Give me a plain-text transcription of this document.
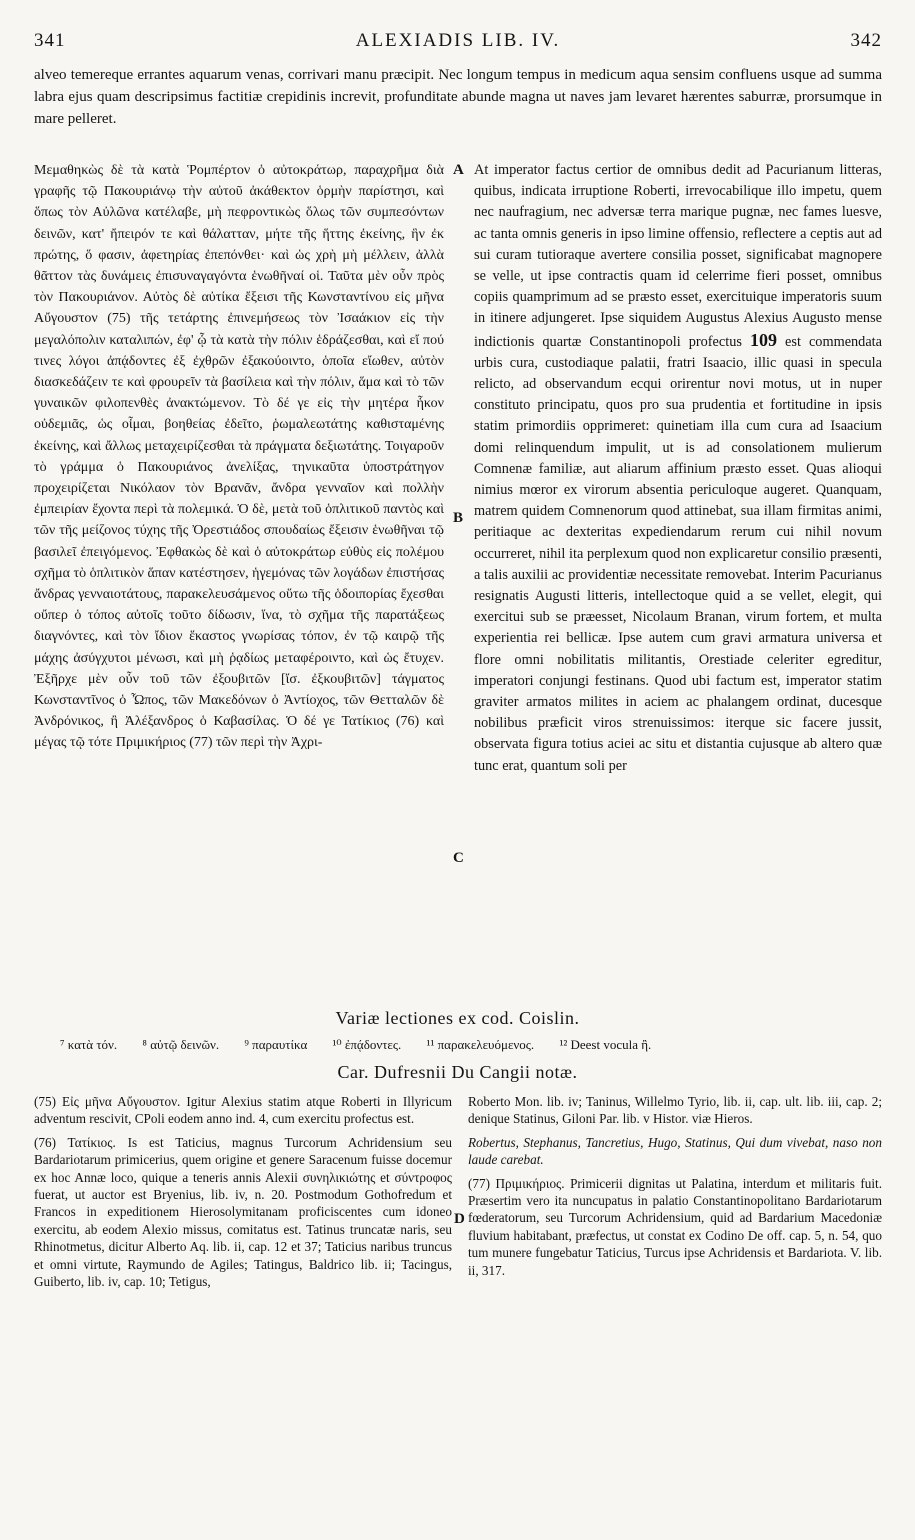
341	ALEXIADIS LIB. IV.	342
alveo temereque errantes aquarum venas, corrivari manu præcipit. Nec longum tempus in medicum aqua sensim confluens usque ad summa labra ejus quam descripsimus factitiæ crepidinis increvit, profunditate abunde magna ut naves jam levaret hærentes saburræ, prorsumque in mare pelleret.
Μεμαθηκὼς δὲ τὰ κατὰ Ῥομπέρτον ὁ αὐτοκράτωρ, παραχρῆμα διὰ γραφῆς τῷ Πακουριάνῳ τὴν αὐτοῦ ἀκάθεκτον ὁρμὴν παρίστησι, καὶ ὅπως τὸν Αὐλῶνα κατέλαβε, μὴ πεφροντικὼς ὅλως τῶν συμπεσόντων δεινῶν, κατ' ἤπειρόν τε καὶ θάλατταν, μήτε τῆς ἥττης ἐκείνης, ἣν ἐκ πρώτης, ὅ φασιν, ἀφετηρίας ἐπεπόνθει· καὶ ὡς χρὴ μὴ μέλλειν, ἀλλὰ θᾶττον τὰς δυνάμεις ἐπισυναγαγόντα ἑνωθῆναί οἱ. Ταῦτα μὲν οὖν πρὸς τὸν Πακουριάνον. Αὐτὸς δὲ αὐτίκα ἔξεισι τῆς Κωνσταντίνου εἰς μῆνα Αὔγουστον (75) τῆς τετάρτης ἐπινεμήσεως τὸν Ἰσαάκιον εἰς τὴν μεγαλόπολιν καταλιπών, ἐφ' ᾧ τὰ κατὰ τὴν πόλιν ἑδράζεσθαι, καὶ εἴ πού τινες λόγοι ἀπᾴδοντες ἐξ ἐχθρῶν ἐξακούοιντο, ὁποῖα εἴωθεν, αὐτὸν διασκεδάζειν τε καὶ φρουρεῖν τὰ βασίλεια καὶ τὴν πόλιν, ἅμα καὶ τὸ τῶν γυναικῶν φιλοπενθὲς ἀνακτώμενον. Τὸ δέ γε εἰς τὴν μητέρα ἧκον οὐδεμιᾶς, ὡς οἶμαι, βοηθείας ἐδεῖτο, ῥωμαλεωτάτης καθισταμένης ἐκείνης, καὶ ἄλλως μεταχειρίζεσθαι τὰ πράγματα δεξιωτάτης. Τοιγαροῦν τὸ γράμμα ὁ Πακουριάνος ἀνελίξας, τηνικαῦτα ὑποστράτηγον προχειρίζεται Νικόλαον τὸν Βρανᾶν, ἄνδρα γενναῖον καὶ πολλὴν ἐμπειρίαν ἔχοντα περὶ τὰ πολεμικά. Ὁ δὲ, μετὰ τοῦ ὁπλιτικοῦ παντὸς καὶ τῶν τῆς μείζονος τύχης τῆς Ὀρεστιάδος σπουδαίως ἔξεισιν ἑνωθῆναι τῷ βασιλεῖ ἐπειγόμενος. Ἐφθακὼς δὲ καὶ ὁ αὐτοκράτωρ εὐθὺς εἰς πολέμου σχῆμα τὸ ὁπλιτικὸν ἅπαν κατέστησεν, ἡγεμόνας τῶν λογάδων ἐπιστήσας ἄνδρας γενναιοτάτους, παρακελευσάμενος οὕτω τῆς ὁδοιπορίας ἔχεσθαι οὔπερ ὁ τόπος αὐτοῖς τοῦτο δίδωσιν, ἵνα, τὸ σχῆμα τῆς παρατάξεως διαγνόντες, καὶ τὸν ἴδιον ἕκαστος γνωρίσας τόπον, ἐν τῷ καιρῷ τῆς μάχης ἀσύγχυτοι μένωσι, καὶ μὴ ῥᾳδίως μεταφέροιντο, καὶ ὡς ἔτυχεν. Ἐξῆρχε μὲν οὖν τοῦ τῶν ἐξουβιτῶν [ἴσ. ἐξκουβιτῶν] τάγματος Κωνσταντῖνος ὁ Ὦπος, τῶν Μακεδόνων ὁ Ἀντίοχος, τῶν Θετταλῶν δὲ Ἀνδρόνικος, ἢ Ἀλέξανδρος ὁ Καβασίλας. Ὁ δέ γε Τατίκιος (76) καὶ μέγας τῷ τότε Πριμικήριος (77) τῶν περὶ τὴν Ἀχρι-
At imperator factus certior de omnibus dedit ad Pacurianum litteras, quibus, indicata irruptione Roberti, irrevocabilique illo impetu, quem nec naufragium, nec adversæ terra marique pugnæ, nec fames luesve, ac tanta omnis generis in ipso limine offensio, reflectere a ceptis aut ad sui curam tutioraque avertere consilia posset, significabat magnopere se velle, ut ipse contractis quam id celerrime fieri posset, omnibus copiis quamprimum ad se præsto esset, exercituique imperatoris suum in itinere adjungeret. Ipse siquidem Augustus Alexius Augusto mense indictionis quartæ Constantinopoli profectus 109 est commendata urbis cura, custodiaque palatii, fratri Isaacio, illic quasi in specula relicto, ad observandum ecqui orirentur novi motus, ut in nuper constituto principatu, quos pro sua prudentia et fortitudine in ipsis statim primordiis opprimeret: quinetiam illa cum cura ad Isaacium domi relinquendum impulit, ut is ad consolationem mulierum Comnenæ familiæ, aut aliarum affinium præsto esset. Quas alioqui nimius mœror ex virorum absentia periculoque augeret. Quanquam, matrem quidem Comnenorum quod attinebat, sua illam firmitas animi, peritiaque ac dexteritas expediendarum rerum cui nihil novum occurreret, nihil ita perplexum quod non explicaretur consilio præsenti, a talis auxilii ac providentiæ necessitate removebat. Interim Pacurianus resignatis Augusti litteris, intellectoque quid a se vellet, elegit, qui exercitui sub se præesset, Nicolaum Branan, virum fortem, et multa experientia rei bellicæ. Ipse autem cum gravi armatura universa et flore omni nobilitatis militantis, Orestiade celeriter egreditur, imperatori conjungi festinans. Quod ubi factum est, imperator statim graviter armatos milites in aciem ac phalangem ordinat, ducesque nobilibus præficit viros strenuissimos: iterque sic facere jussit, observata figura totius aciei ac situ et distantia cujusque ab altero quæ tunc erat, quantum soli per
A
B
C
Variæ lectiones ex cod. Coislin.
⁷ κατὰ τόν. ⁸ αὐτῷ δεινῶν. ⁹ παραυτίκα ¹⁰ ἐπᾴδοντες. ¹¹ παρακελευόμενος. ¹² Deest vocula ἢ.
Car. Dufresnii Du Cangii notæ.

(75) Εἰς μῆνα Αὔγουστον. Igitur Alexius statim atque Roberti in Illyricum adventum rescivit, CPoli eodem anno ind. 4, cum exercitu profectus est.

(76) Τατίκιος. Is est Taticius, magnus Turcorum Achridensium seu Bardariotarum primicerius, quem origine et genere Saracenum fuisse docemur ex hoc Annæ loco, quique a teneris annis Alexii συνηλικιώτης et σύντροφος fuerat, ut auctor est Bryenius, lib. iv, n. 20. Postmodum Gothofredum et Francos in expeditionem Hierosolymitanam proficiscentes cum idoneo exercitu, ab eodem Alexio missus, comitatus est. Tatinus truncatæ naris, seu Rhinotmetus, dicitur Alberto Aq. lib. ii, cap. 12 et 37; Taticius naribus truncus et omni virtute, Raymundo de Agiles; Tatingus, Baldrico lib. ii; Tacingus, Guiberto, lib. iv, cap. 10; Tetigus,

D

Roberto Mon. lib. iv; Taninus, Willelmo Tyrio, lib. ii, cap. ult. lib. iii, cap. 2; denique Statinus, Giloni Par. lib. v Histor. viæ Hieros.

Robertus, Stephanus, Tancretius, Hugo, Statinus, Qui dum vivebat, naso non laude carebat.

(77) Πριμικήριος. Primicerii dignitas ut Palatina, interdum et militaris fuit. Præsertim vero ita nuncupatus in palatio Constantinopolitano Bardariotarum fœderatorum, seu Turcorum Achridensium, quid ad Bardarium Macedoniæ fluvium habitabant, præfectus, ut constat ex Codino De off. cap. 5, n. 54, quo tum munere fungebatur Taticius, Turcus ipse Achridensis et Bardariota. V. lib. ii, 317.
